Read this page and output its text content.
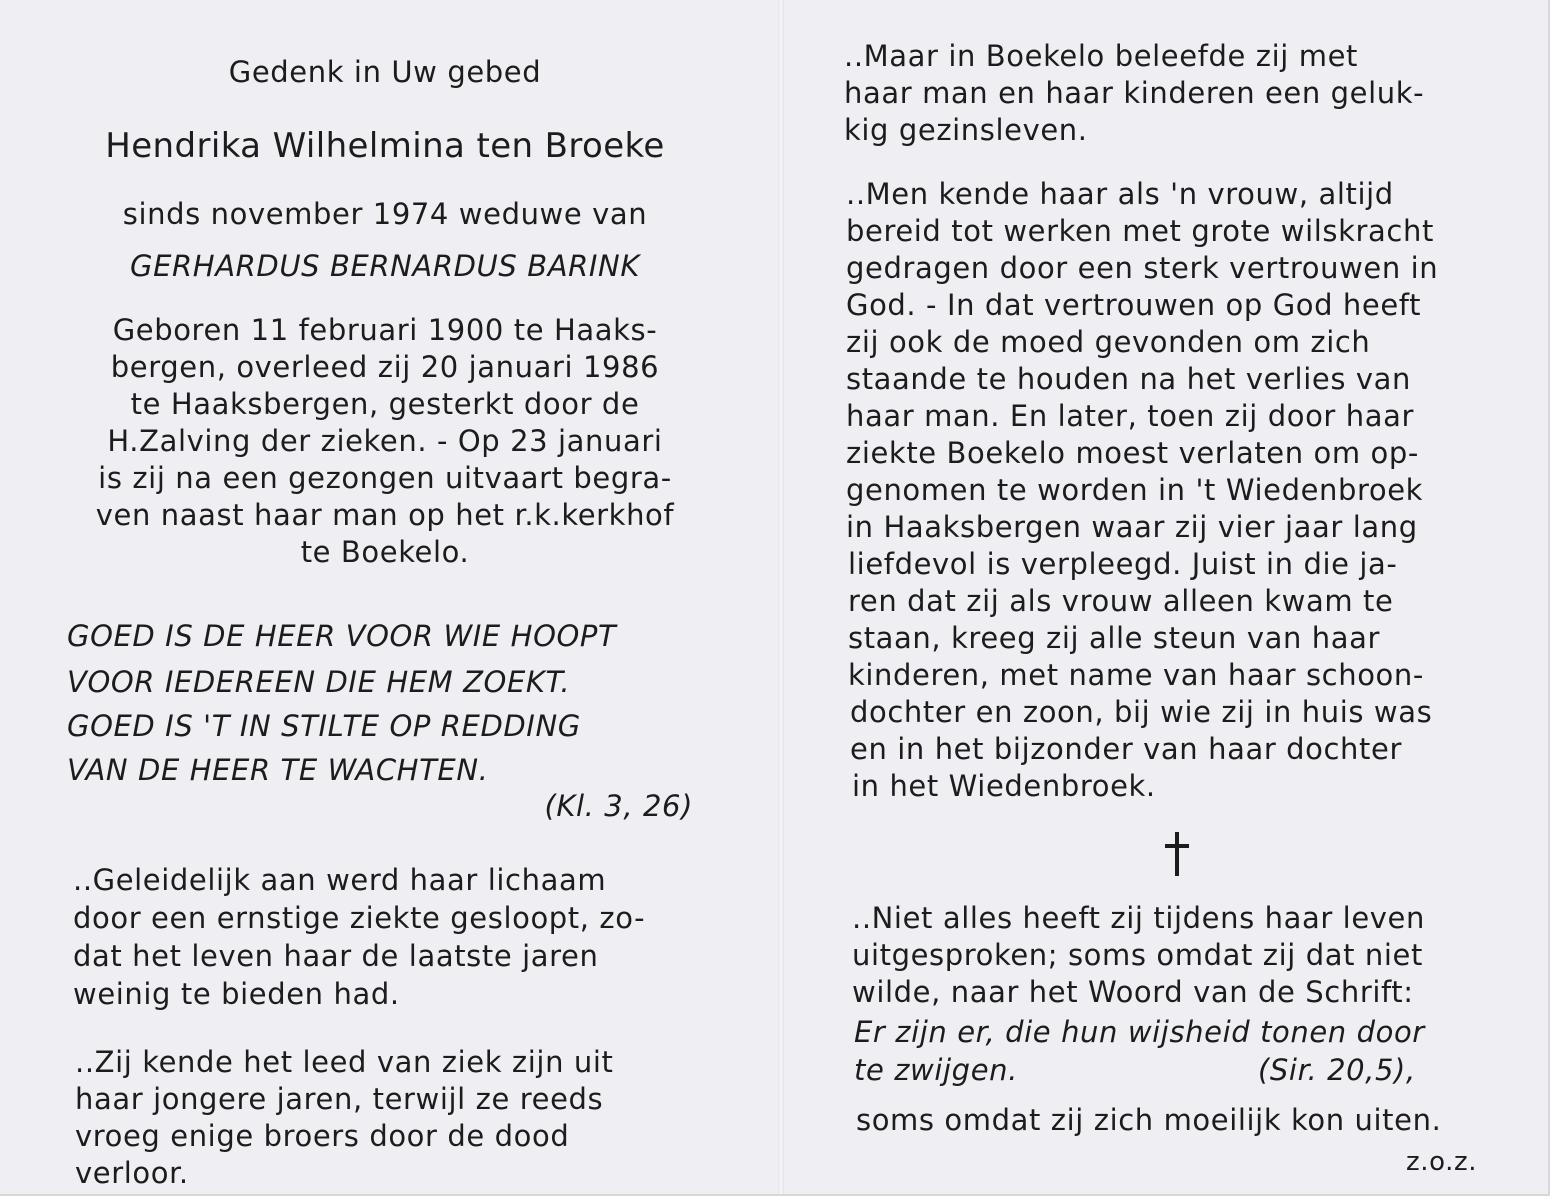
Gedenk in Uw gebed
Hendrika Wilhelmina ten Broeke
sinds november 1974 weduwe van
GERHARDUS BERNARDUS BARINK
Geboren 11 februari 1900 te Haaks-
bergen, overleed zij 20 januari 1986
te Haaksbergen, gesterkt door de
H.Zalving der zieken. - Op 23 januari
is zij na een gezongen uitvaart begra-
ven naast haar man op het r.k.kerkhof
te Boekelo.
GOED IS DE HEER VOOR WIE HOOPT
VOOR IEDEREEN DIE HEM ZOEKT.
GOED IS 'T IN STILTE OP REDDING
VAN DE HEER TE WACHTEN.
(Kl. 3, 26)
..Geleidelijk aan werd haar lichaam
door een ernstige ziekte gesloopt, zo-
dat het leven haar de laatste jaren
weinig te bieden had.
..Zij kende het leed van ziek zijn uit
haar jongere jaren, terwijl ze reeds
vroeg enige broers door de dood
verloor.
..Maar in Boekelo beleefde zij met
haar man en haar kinderen een geluk-
kig gezinsleven.
..Men kende haar als 'n vrouw, altijd
bereid tot werken met grote wilskracht
gedragen door een sterk vertrouwen in
God. - In dat vertrouwen op God heeft
zij ook de moed gevonden om zich
staande te houden na het verlies van
haar man. En later, toen zij door haar
ziekte Boekelo moest verlaten om op-
genomen te worden in 't Wiedenbroek
in Haaksbergen waar zij vier jaar lang
liefdevol is verpleegd. Juist in die ja-
ren dat zij als vrouw alleen kwam te
staan, kreeg zij alle steun van haar
kinderen, met name van haar schoon-
dochter en zoon, bij wie zij in huis was
en in het bijzonder van haar dochter
in het Wiedenbroek.
..Niet alles heeft zij tijdens haar leven
uitgesproken; soms omdat zij dat niet
wilde, naar het Woord van de Schrift:
Er zijn er, die hun wijsheid tonen door
te zwijgen.	(Sir. 20,5),
soms omdat zij zich moeilijk kon uiten.
z.o.z.
